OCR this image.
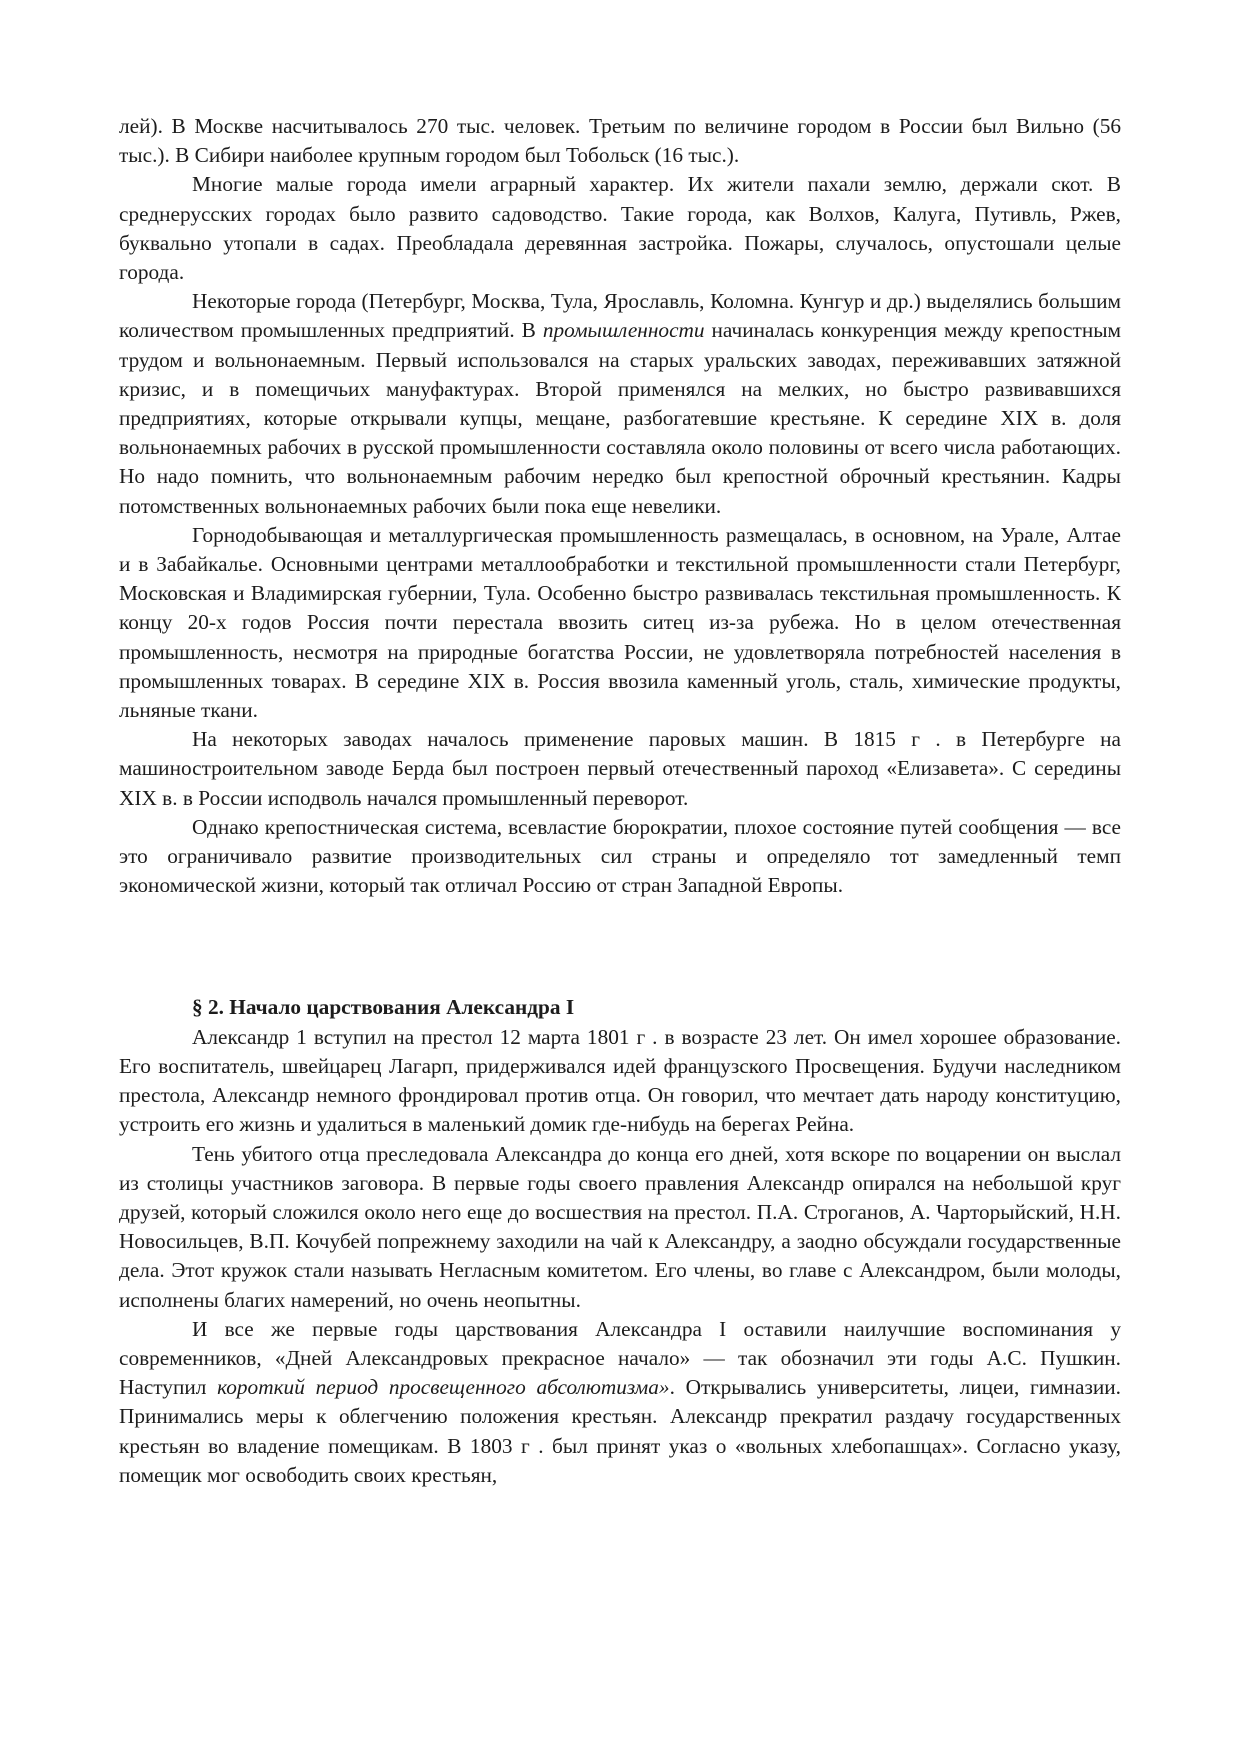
лей). В Москве насчитывалось 270 тыс. человек. Третьим по величине городом в России был Вильно (56 тыс.). В Сибири наиболее крупным городом был Тобольск (16 тыс.).

Многие малые города имели аграрный характер. Их жители пахали землю, держали скот. В среднерусских городах было развито садоводство. Такие города, как Волхов, Калуга, Путивль, Ржев, буквально утопали в садах. Преобладала деревянная застройка. Пожары, случалось, опустошали целые города.

Некоторые города (Петербург, Москва, Тула, Ярославль, Коломна. Кунгур и др.) выделялись большим количеством промышленных предприятий. В промышленности начиналась конкуренция между крепостным трудом и вольнонаемным. Первый использовался на старых уральских заводах, переживавших затяжной кризис, и в помещичьих мануфактурах. Второй применялся на мелких, но быстро развивавшихся предприятиях, которые открывали купцы, мещане, разбогатевшие крестьяне. К середине XIX в. доля вольнонаемных рабочих в русской промышленности составляла около половины от всего числа работающих. Но надо помнить, что вольнонаемным рабочим нередко был крепостной оброчный крестьянин. Кадры потомственных вольнонаемных рабочих были пока еще невелики.

Горнодобывающая и металлургическая промышленность размещалась, в основном, на Урале, Алтае и в Забайкалье. Основными центрами металлообработки и текстильной промышленности стали Петербург, Московская и Владимирская губернии, Тула. Особенно быстро развивалась текстильная промышленность. К концу 20-х годов Россия почти перестала ввозить ситец из-за рубежа. Но в целом отечественная промышленность, несмотря на природные богатства России, не удовлетворяла потребностей населения в промышленных товарах. В середине XIX в. Россия ввозила каменный уголь, сталь, химические продукты, льняные ткани.

На некоторых заводах началось применение паровых машин. В 1815 г . в Петербурге на машиностроительном заводе Берда был построен первый отечественный пароход «Елизавета». С середины XIX в. в России исподволь начался промышленный переворот.

Однако крепостническая система, всевластие бюрократии, плохое состояние путей сообщения — все это ограничивало развитие производительных сил страны и определяло тот замедленный темп экономической жизни, который так отличал Россию от стран Западной Европы.

§ 2. Начало царствования Александра I

Александр 1 вступил на престол 12 марта 1801 г . в возрасте 23 лет. Он имел хорошее образование. Его воспитатель, швейцарец Лагарп, придерживался идей французского Просвещения. Будучи наследником престола, Александр немного фрондировал против отца. Он говорил, что мечтает дать народу конституцию, устроить его жизнь и удалиться в маленький домик где-нибудь на берегах Рейна.

Тень убитого отца преследовала Александра до конца его дней, хотя вскоре по воцарении он выслал из столицы участников заговора. В первые годы своего правления Александр опирался на небольшой круг друзей, который сложился около него еще до восшествия на престол. П.А. Строганов, А. Чарторыйский, Н.Н. Новосильцев, В.П. Кочубей попрежнему заходили на чай к Александру, а заодно обсуждали государственные дела. Этот кружок стали называть Негласным комитетом. Его члены, во главе с Александром, были молоды, исполнены благих намерений, но очень неопытны.

И все же первые годы царствования Александра I оставили наилучшие воспоминания у современников, «Дней Александровых прекрасное начало» — так обозначил эти годы А.С. Пушкин. Наступил короткий период просвещенного абсолютизма». Открывались университеты, лицеи, гимназии. Принимались меры к облегчению положения крестьян. Александр прекратил раздачу государственных крестьян во владение помещикам. В 1803 г . был принят указ о «вольных хлебопашцах». Согласно указу, помещик мог освободить своих крестьян,
